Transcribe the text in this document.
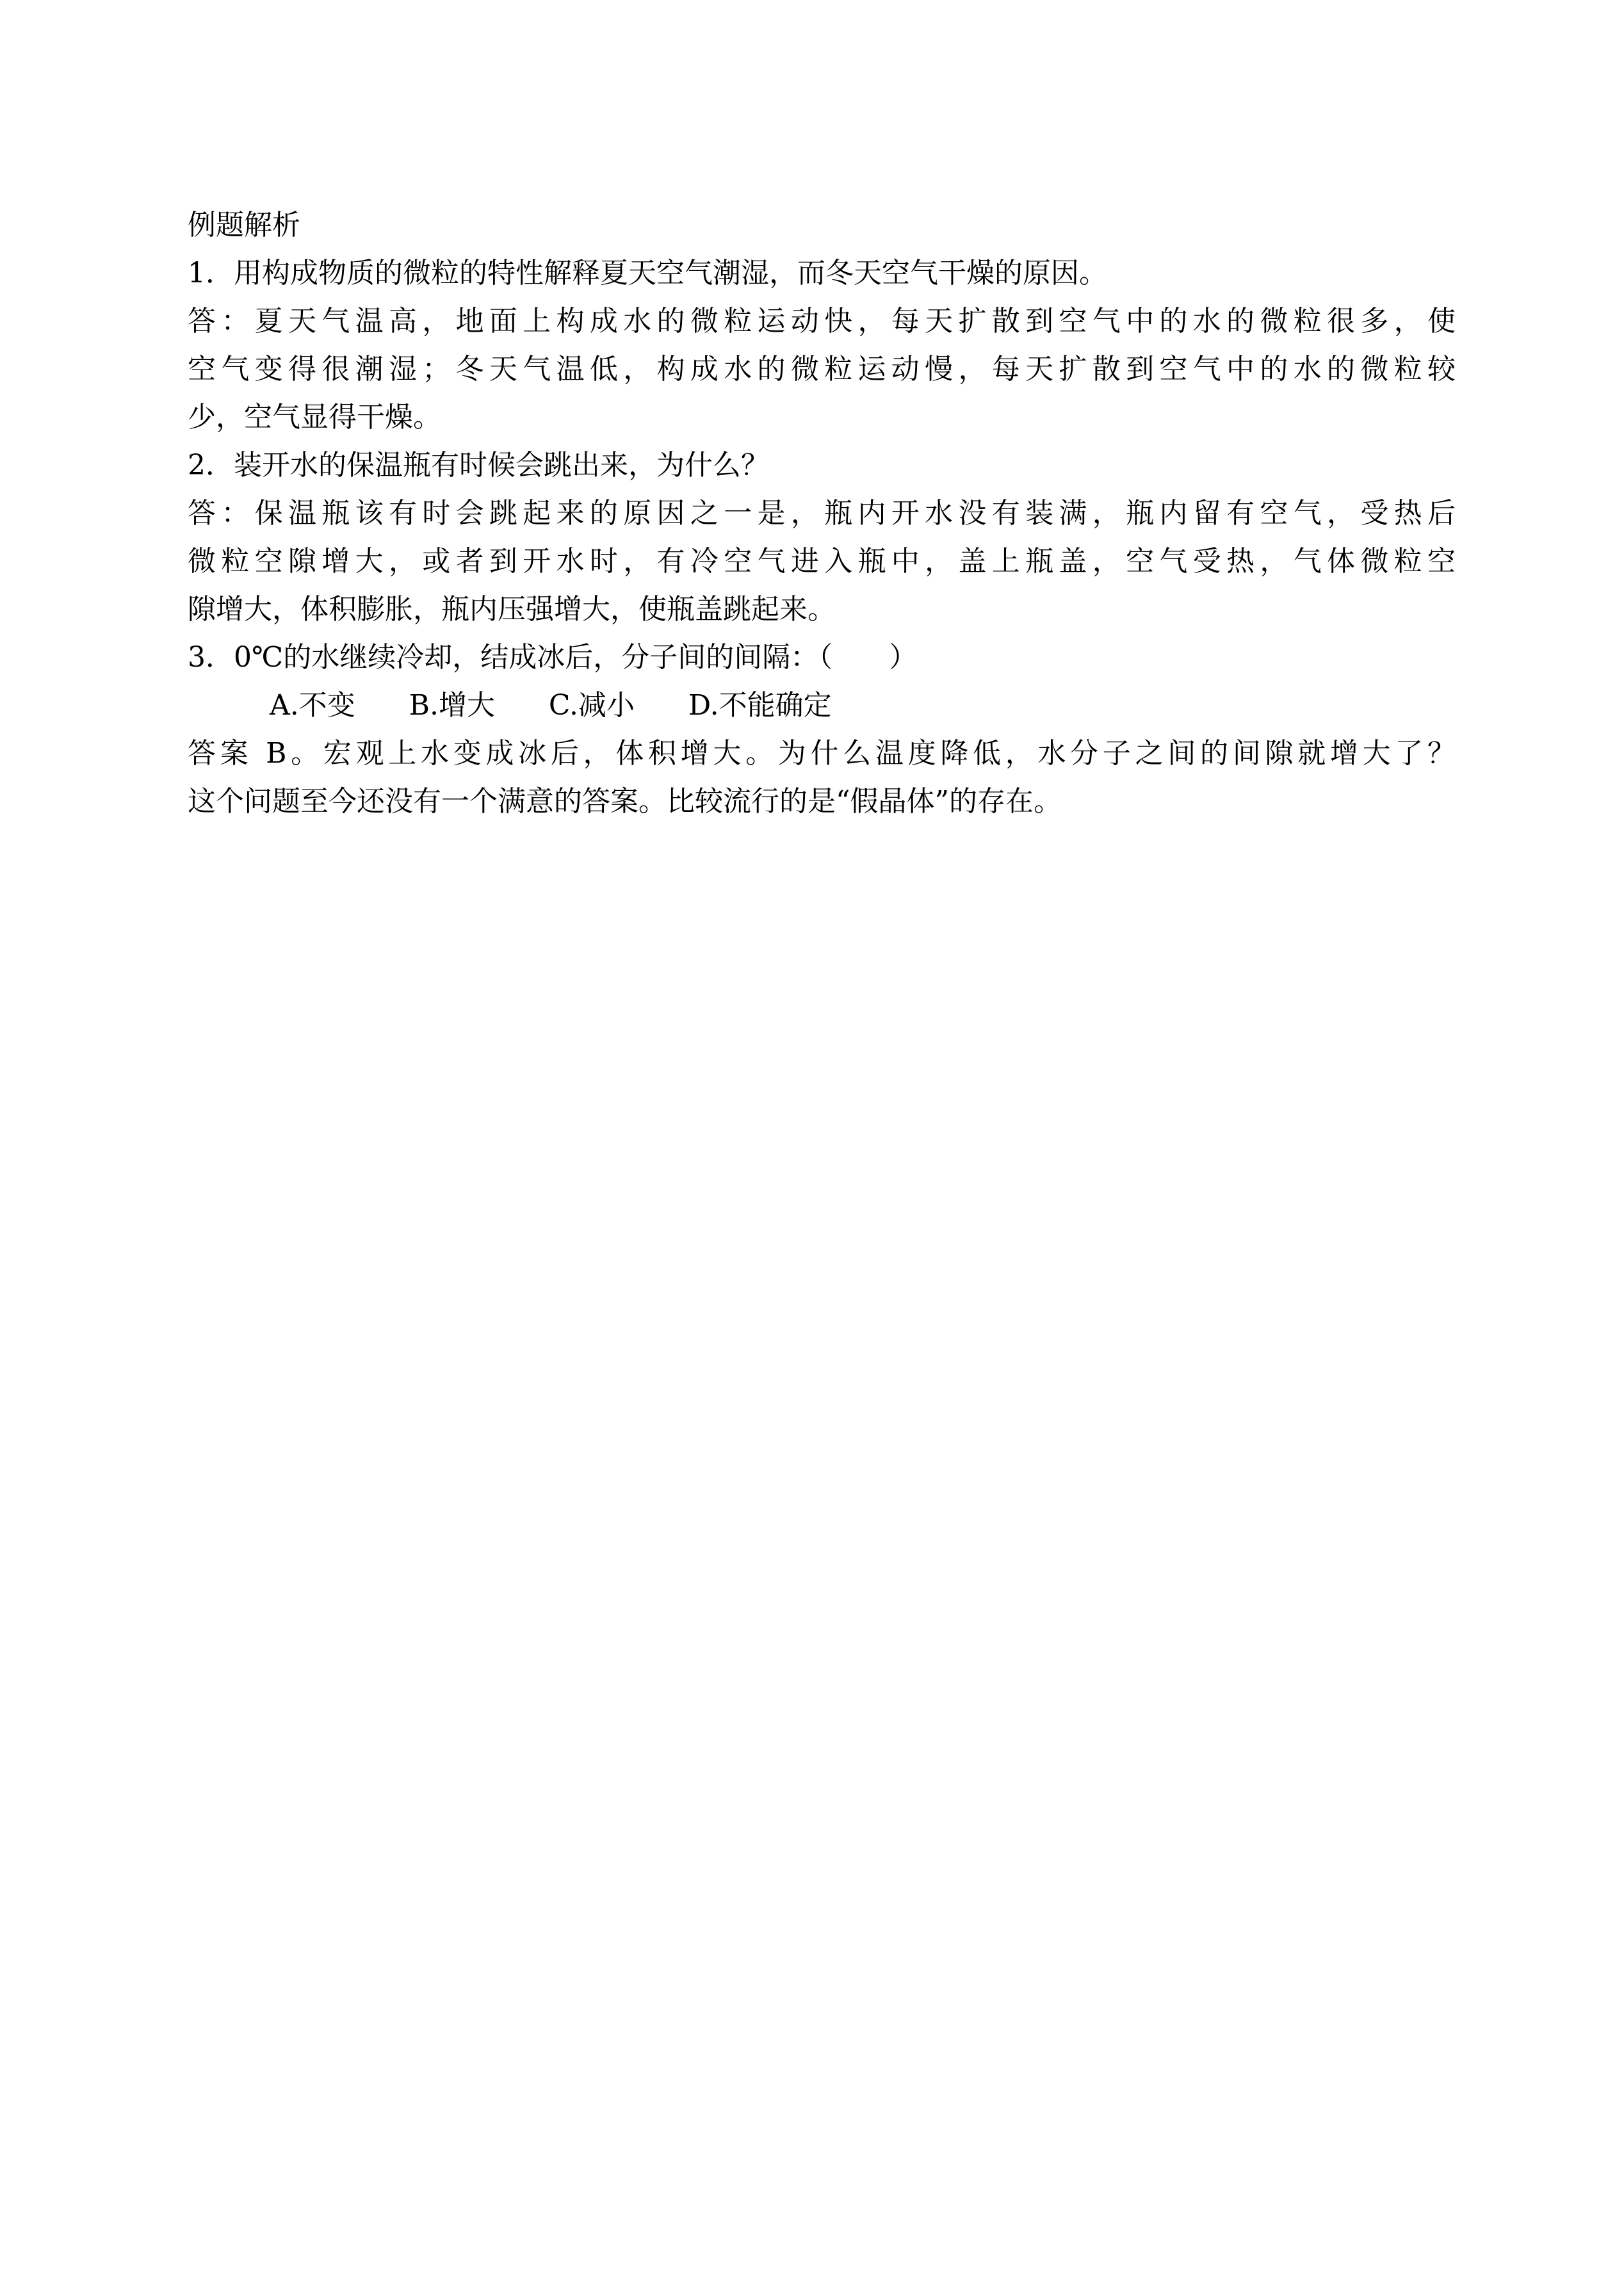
例题解析
1．用构成物质的微粒的特性解释夏天空气潮湿，而冬天空气干燥的原因。
答：夏天气温高，地面上构成水的微粒运动快，每天扩散到空气中的水的微粒很多，使
空气变得很潮湿；冬天气温低，构成水的微粒运动慢，每天扩散到空气中的水的微粒较
少，空气显得干燥。
2．装开水的保温瓶有时候会跳出来，为什么？
答：保温瓶该有时会跳起来的原因之一是，瓶内开水没有装满，瓶内留有空气，受热后
微粒空隙增大，或者到开水时，有冷空气进入瓶中，盖上瓶盖，空气受热，气体微粒空
隙增大，体积膨胀，瓶内压强增大，使瓶盖跳起来。
3．0℃的水继续冷却，结成冰后，分子间的间隔：（　　）
A.不变      B.增大      C.减小      D.不能确定
答案 B。宏观上水变成冰后，体积增大。为什么温度降低，水分子之间的间隙就增大了？
这个问题至今还没有一个满意的答案。比较流行的是“假晶体”的存在。
